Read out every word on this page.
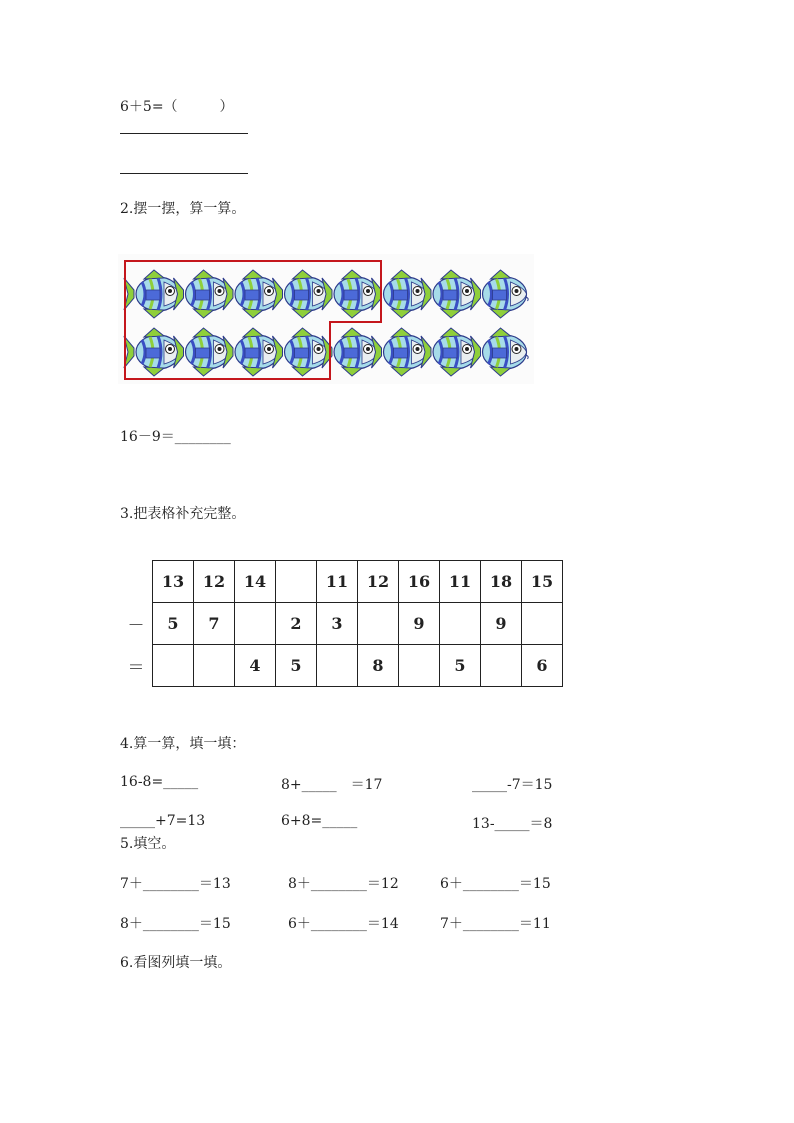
6＋5=（　　　）
2.摆一摆，算一算。
16－9＝________
3.把表格补充完整。
	13	12	14		11	12	16	11	18	15
－	5	7		2	3		9		9	
＝			4	5		8		5		6
4.算一算，填一填：
16-8=_____	8+_____　＝17	_____-7＝15
_____+7=13	6+8=_____	13-_____＝8
5.填空。
7＋________＝13	8＋________＝12	6＋________＝15
8＋________＝15	6＋________＝14	7＋________＝11
6.看图列填一填。
